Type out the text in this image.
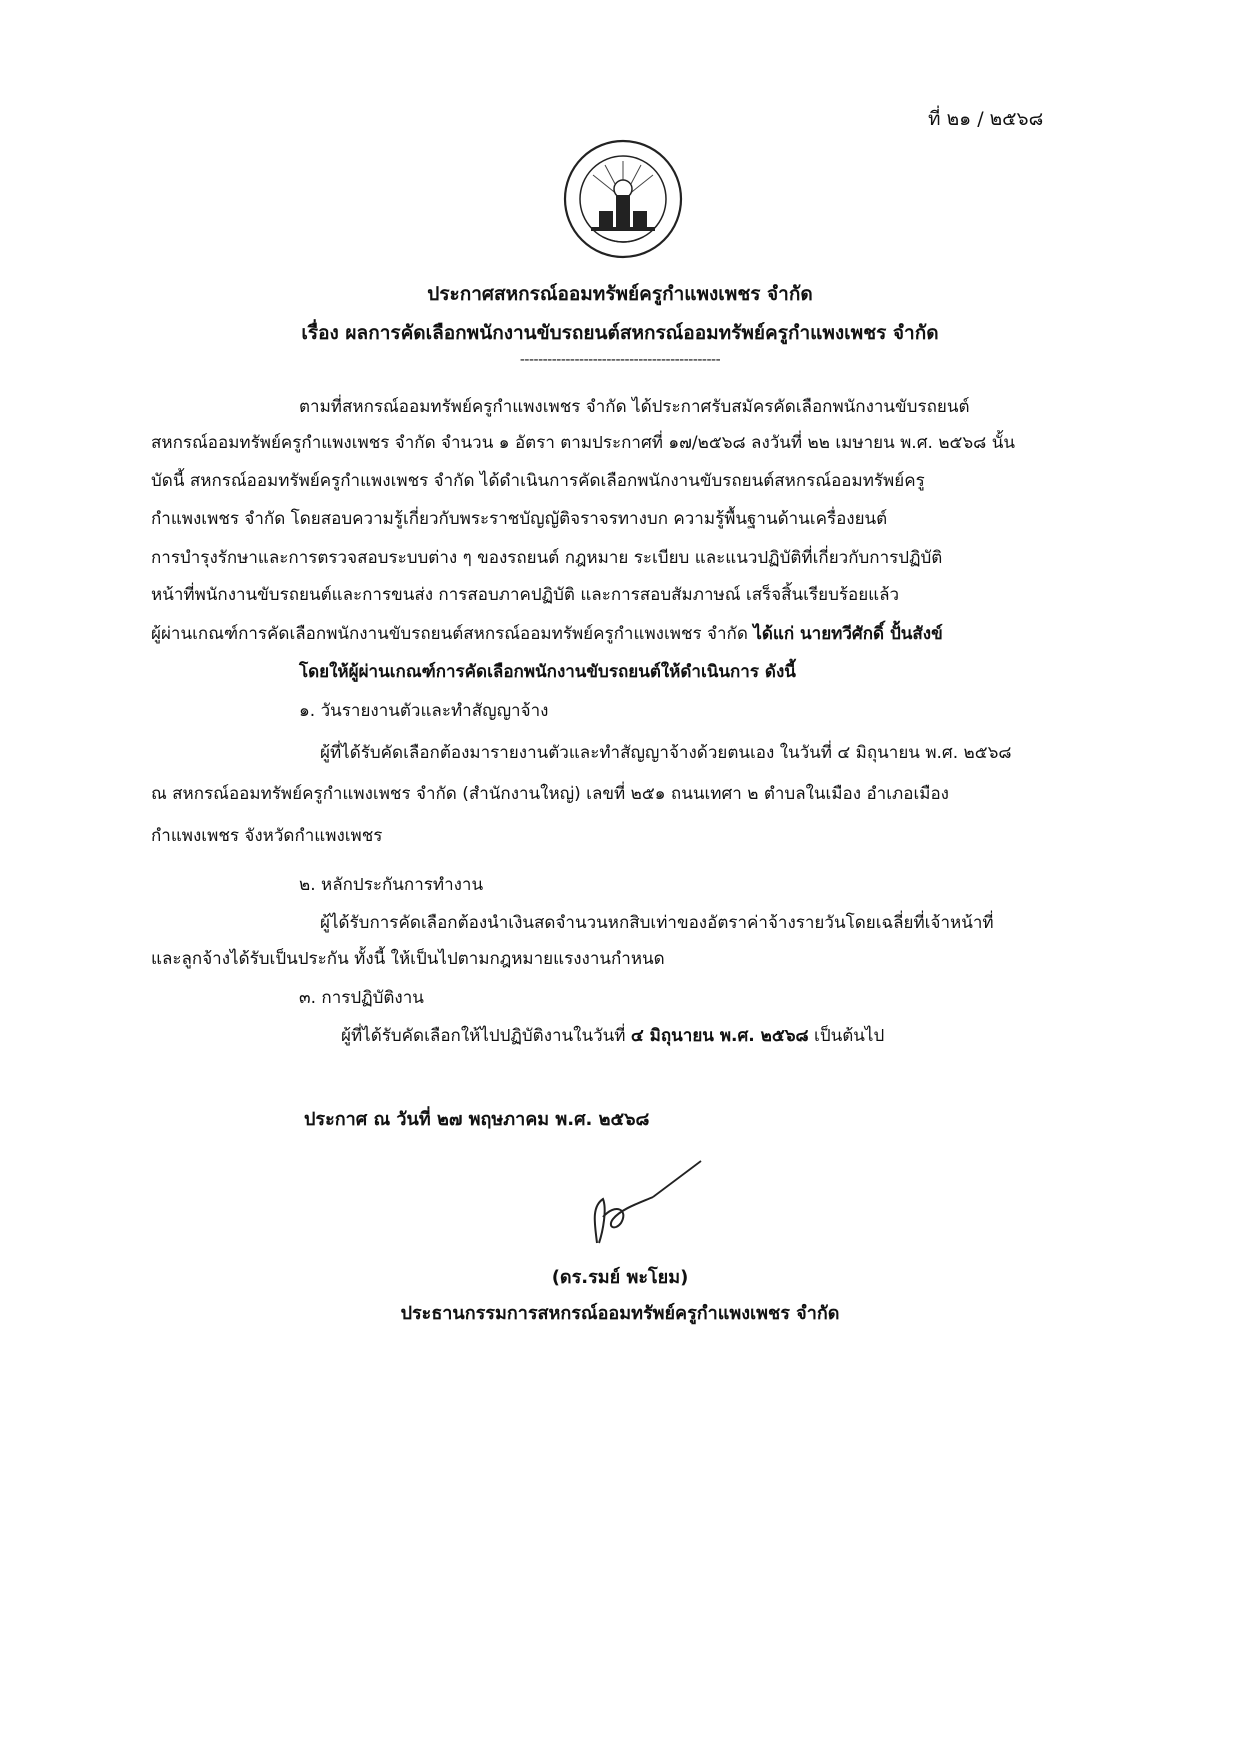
ที่ ๒๑ / ๒๕๖๘
ประกาศสหกรณ์ออมทรัพย์ครูกำแพงเพชร จำกัด
เรื่อง ผลการคัดเลือกพนักงานขับรถยนต์สหกรณ์ออมทรัพย์ครูกำแพงเพชร จำกัด
--------------------------------------------
ตามที่สหกรณ์ออมทรัพย์ครูกำแพงเพชร จำกัด ได้ประกาศรับสมัครคัดเลือกพนักงานขับรถยนต์
สหกรณ์ออมทรัพย์ครูกำแพงเพชร จำกัด จำนวน ๑ อัตรา ตามประกาศที่ ๑๗/๒๕๖๘ ลงวันที่ ๒๒ เมษายน พ.ศ. ๒๕๖๘ นั้น
บัดนี้ สหกรณ์ออมทรัพย์ครูกำแพงเพชร จำกัด ได้ดำเนินการคัดเลือกพนักงานขับรถยนต์สหกรณ์ออมทรัพย์ครู
กำแพงเพชร จำกัด โดยสอบความรู้เกี่ยวกับพระราชบัญญัติจราจรทางบก ความรู้พื้นฐานด้านเครื่องยนต์
การบำรุงรักษาและการตรวจสอบระบบต่าง ๆ ของรถยนต์ กฎหมาย ระเบียบ และแนวปฏิบัติที่เกี่ยวกับการปฏิบัติ
หน้าที่พนักงานขับรถยนต์และการขนส่ง การสอบภาคปฏิบัติ และการสอบสัมภาษณ์ เสร็จสิ้นเรียบร้อยแล้ว
ผู้ผ่านเกณฑ์การคัดเลือกพนักงานขับรถยนต์สหกรณ์ออมทรัพย์ครูกำแพงเพชร จำกัด ได้แก่ นายทวีศักดิ์ ปั้นสังข์
โดยให้ผู้ผ่านเกณฑ์การคัดเลือกพนักงานขับรถยนต์ให้ดำเนินการ ดังนี้
๑. วันรายงานตัวและทำสัญญาจ้าง
ผู้ที่ได้รับคัดเลือกต้องมารายงานตัวและทำสัญญาจ้างด้วยตนเอง ในวันที่ ๔ มิถุนายน พ.ศ. ๒๕๖๘
ณ สหกรณ์ออมทรัพย์ครูกำแพงเพชร จำกัด (สำนักงานใหญ่) เลขที่ ๒๕๑ ถนนเทศา ๒ ตำบลในเมือง อำเภอเมือง
กำแพงเพชร จังหวัดกำแพงเพชร
๒. หลักประกันการทำงาน
ผู้ได้รับการคัดเลือกต้องนำเงินสดจำนวนหกสิบเท่าของอัตราค่าจ้างรายวันโดยเฉลี่ยที่เจ้าหน้าที่
และลูกจ้างได้รับเป็นประกัน ทั้งนี้ ให้เป็นไปตามกฎหมายแรงงานกำหนด
๓. การปฏิบัติงาน
ผู้ที่ได้รับคัดเลือกให้ไปปฏิบัติงานในวันที่ ๔ มิถุนายน พ.ศ. ๒๕๖๘ เป็นต้นไป
ประกาศ ณ วันที่ ๒๗ พฤษภาคม พ.ศ. ๒๕๖๘
(ดร.รมย์ พะโยม)
ประธานกรรมการสหกรณ์ออมทรัพย์ครูกำแพงเพชร จำกัด
